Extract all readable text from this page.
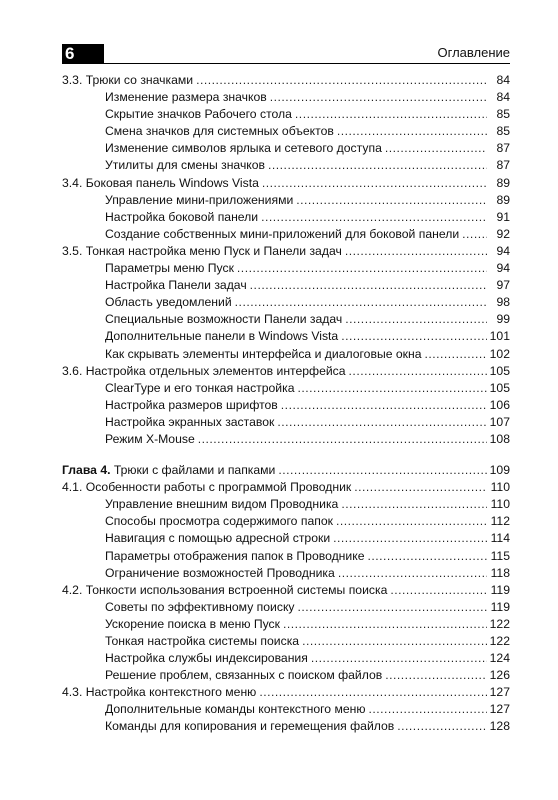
6	Оглавление
3.3. Трюки со значками .....	84
Изменение размера значков .....	84
Скрытие значков Рабочего стола .....	85
Смена значков для системных объектов .....	85
Изменение символов ярлыка и сетевого доступа .....	87
Утилиты для смены значков .....	87
3.4. Боковая панель Windows Vista .....	89
Управление мини-приложениями .....	89
Настройка боковой панели .....	91
Создание собственных мини-приложений для боковой панели .....	92
3.5. Тонкая настройка меню Пуск и Панели задач .....	94
Параметры меню Пуск .....	94
Настройка Панели задач .....	97
Область уведомлений .....	98
Специальные возможности Панели задач .....	99
Дополнительные панели в Windows Vista .....	101
Как скрывать элементы интерфейса и диалоговые окна .....	102
3.6. Настройка отдельных элементов интерфейса .....	105
ClearType и его тонкая настройка .....	105
Настройка размеров шрифтов .....	106
Настройка экранных заставок .....	107
Режим X-Mouse .....	108
Глава 4. Трюки с файлами и папками .....	109
4.1. Особенности работы с программой Проводник .....	110
Управление внешним видом Проводника .....	110
Способы просмотра содержимого папок .....	112
Навигация с помощью адресной строки .....	114
Параметры отображения папок в Проводнике .....	115
Ограничение возможностей Проводника .....	118
4.2. Тонкости использования встроенной системы поиска .....	119
Советы по эффективному поиску .....	119
Ускорение поиска в меню Пуск .....	122
Тонкая настройка системы поиска .....	122
Настройка службы индексирования .....	124
Решение проблем, связанных с поиском файлов .....	126
4.3. Настройка контекстного меню .....	127
Дополнительные команды контекстного меню .....	127
Команды для копирования и геремещения файлов .....	128
